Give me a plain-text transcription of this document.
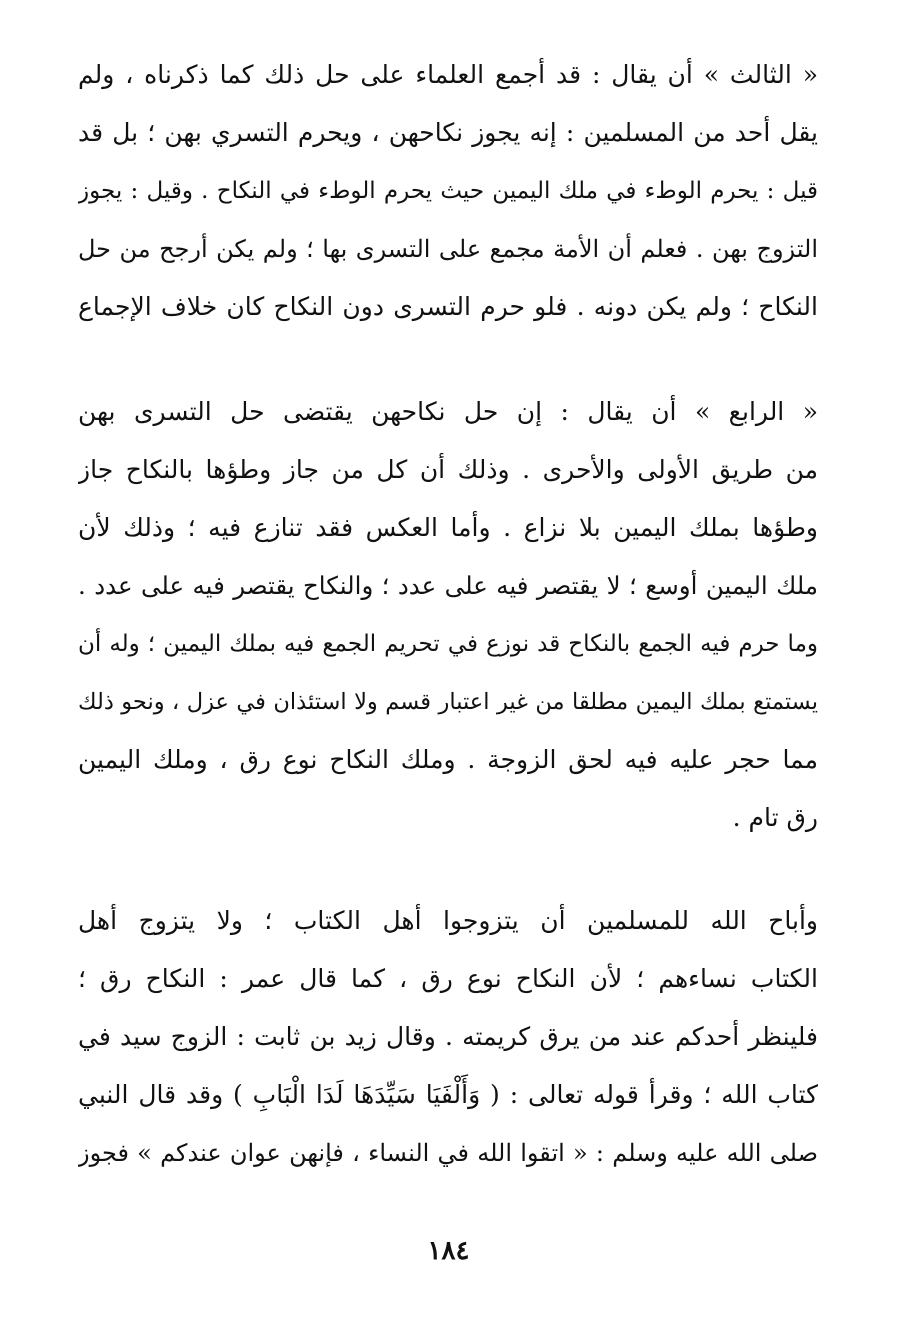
« الثالث » أن يقال : قد أجمع العلماء على حل ذلك كما ذكرناه ، ولم
يقل أحد من المسلمين : إنه يجوز نكاحهن ، ويحرم التسري بهن ؛ بل قد
قيل : يحرم الوطء في ملك اليمين حيث يحرم الوطء في النكاح . وقيل : يجوز
التزوج بهن . فعلم أن الأمة مجمع على التسرى بها ؛ ولم يكن أرجح من حل
النكاح ؛ ولم يكن دونه . فلو حرم التسرى دون النكاح كان خلاف الإجماع
« الرابع » أن يقال : إن حل نكاحهن يقتضى حل التسرى بهن
من طريق الأولى والأحرى . وذلك أن كل من جاز وطؤها بالنكاح جاز
وطؤها بملك اليمين بلا نزاع . وأما العكس فقد تنازع فيه ؛ وذلك لأن
ملك اليمين أوسع ؛ لا يقتصر فيه على عدد ؛ والنكاح يقتصر فيه على عدد .
وما حرم فيه الجمع بالنكاح قد نوزع في تحريم الجمع فيه بملك اليمين ؛ وله أن
يستمتع بملك اليمين مطلقا من غير اعتبار قسم ولا استئذان في عزل ، ونحو ذلك
مما حجر عليه فيه لحق الزوجة . وملك النكاح نوع رق ، وملك اليمين
رق تام .
وأباح الله للمسلمين أن يتزوجوا أهل الكتاب ؛ ولا يتزوج أهل
الكتاب نساءهم ؛ لأن النكاح نوع رق ، كما قال عمر : النكاح رق ؛
فلينظر أحدكم عند من يرق كريمته . وقال زيد بن ثابت : الزوج سيد في
كتاب الله ؛ وقرأ قوله تعالى : ( وَأَلْفَيَا سَيِّدَهَا لَدَا الْبَابِ ) وقد قال النبي
صلى الله عليه وسلم : « اتقوا الله في النساء ، فإنهن عوان عندكم » فجوز
١٨٤
